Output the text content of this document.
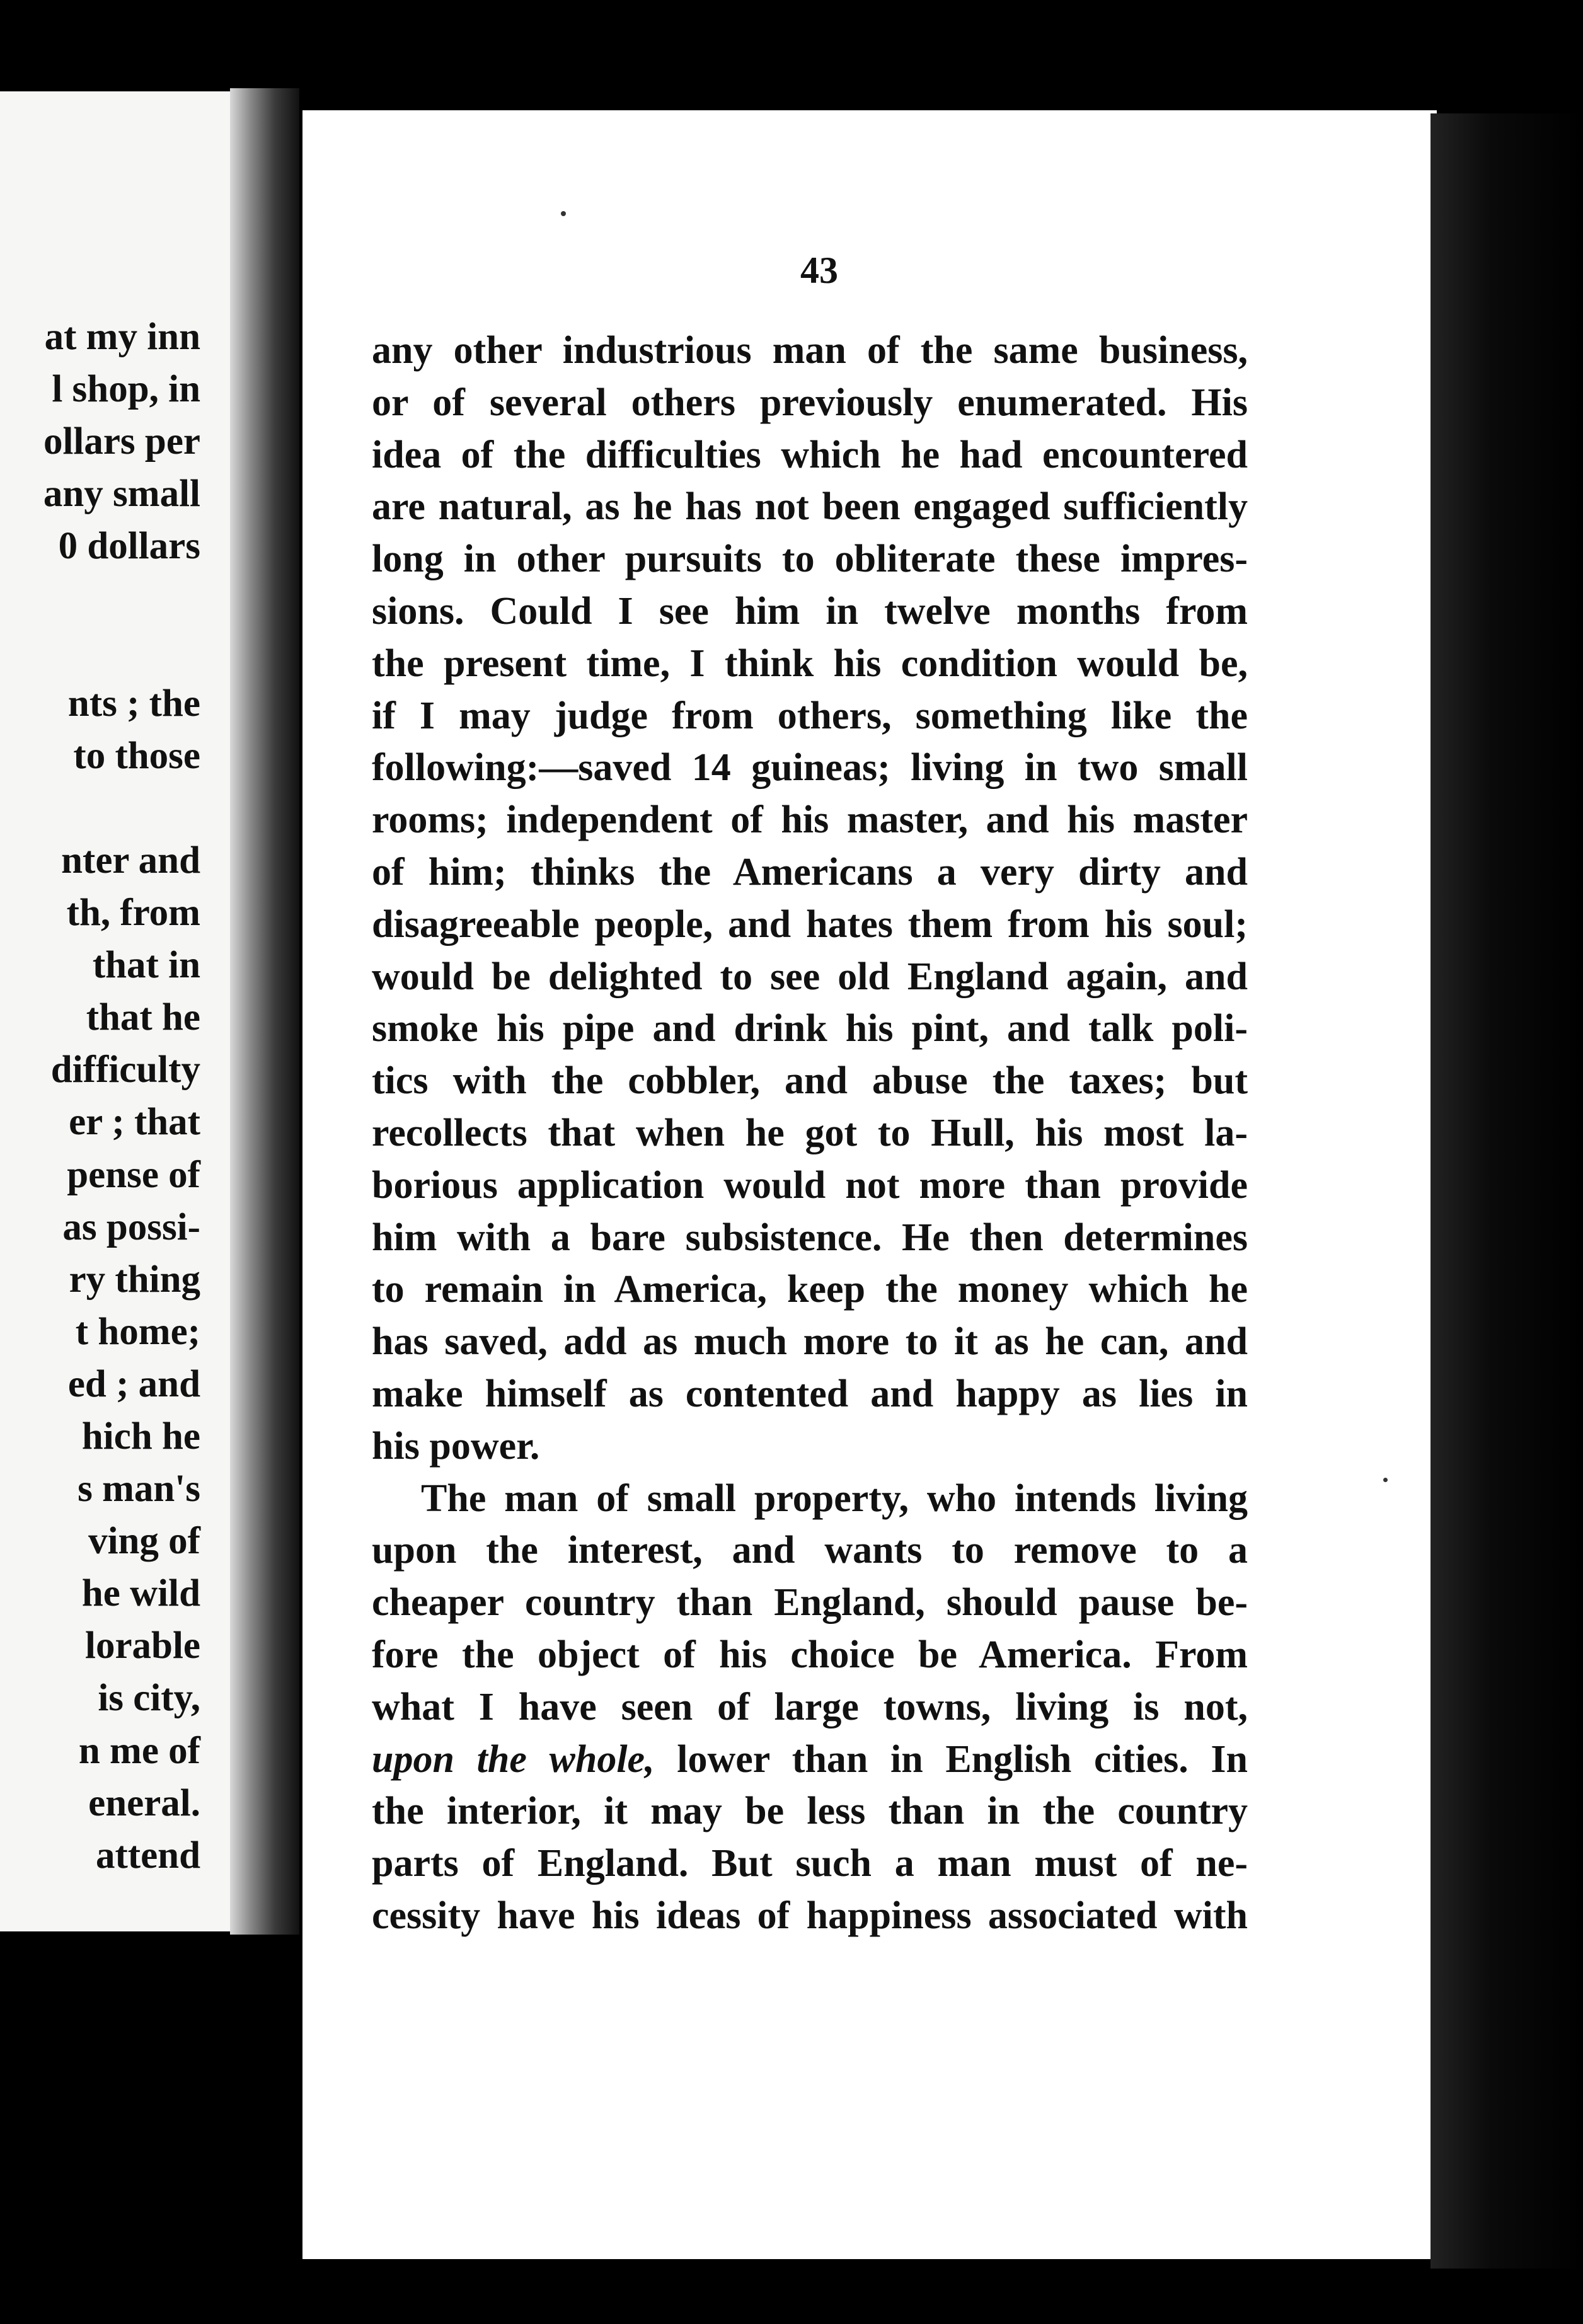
at my inn
l shop, in
ollars per
any small
0 dollars
nts ; the
to those
nter and
th, from
that in
that he
difficulty
er ; that
pense of
as possi-
ry thing
t home;
ed ; and
hich he
s man's
ving of
he wild
lorable
is city,
n me of
eneral.
attend
43
any other industrious man of the same business,
or of several others previously enumerated. His
idea of the difficulties which he had encountered
are natural, as he has not been engaged sufficiently
long in other pursuits to obliterate these impres-
sions. Could I see him in twelve months from
the present time, I think his condition would be,
if I may judge from others, something like the
following:—saved 14 guineas; living in two small
rooms; independent of his master, and his master
of him; thinks the Americans a very dirty and
disagreeable people, and hates them from his soul;
would be delighted to see old England again, and
smoke his pipe and drink his pint, and talk poli-
tics with the cobbler, and abuse the taxes; but
recollects that when he got to Hull, his most la-
borious application would not more than provide
him with a bare subsistence. He then determines
to remain in America, keep the money which he
has saved, add as much more to it as he can, and
make himself as contented and happy as lies in
his power.
The man of small property, who intends living
upon the interest, and wants to remove to a
cheaper country than England, should pause be-
fore the object of his choice be America. From
what I have seen of large towns, living is not,
upon the whole, lower than in English cities. In
the interior, it may be less than in the country
parts of England. But such a man must of ne-
cessity have his ideas of happiness associated with
